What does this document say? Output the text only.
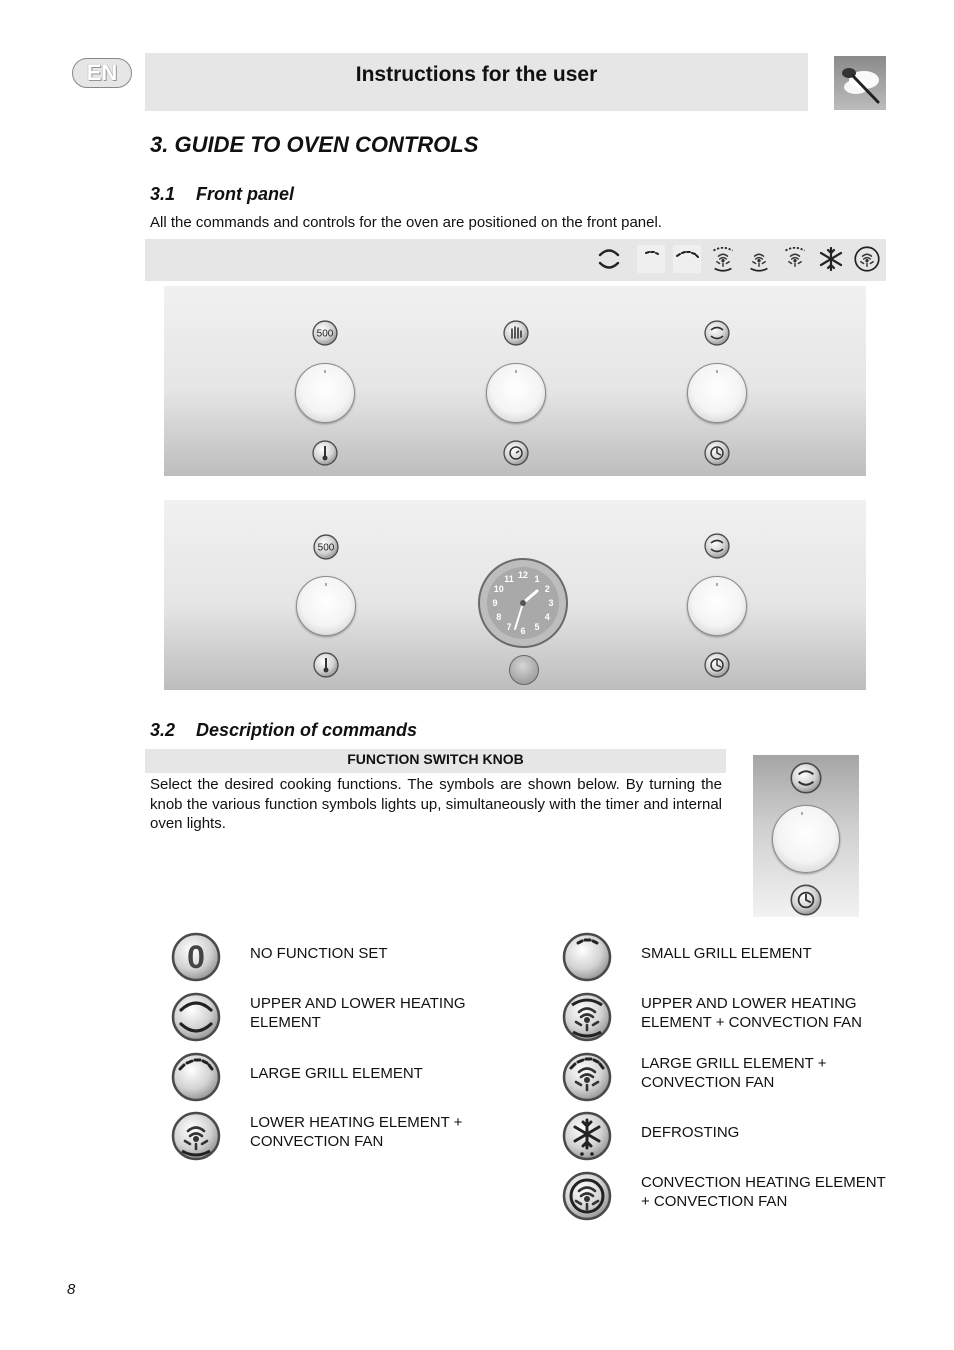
EN	Instructions for the user
3. GUIDE TO OVEN CONTROLS
3.1 Front panel
All the commands and controls for the oven are positioned on the front panel.
500
500
12 1
2
3
4
5
6
7
8
9
10
11
3.2 Description of commands
FUNCTION SWITCH KNOB
Select the desired cooking functions. The symbols are shown below. By turning the knob the various function symbols lights up, simultaneously with the timer and internal oven lights.
0	NO FUNCTION SET
UPPER AND LOWER HEATING ELEMENT
LARGE GRILL ELEMENT
LOWER HEATING ELEMENT + CONVECTION FAN
SMALL GRILL ELEMENT
UPPER AND LOWER HEATING ELEMENT + CONVECTION FAN
LARGE GRILL ELEMENT + CONVECTION FAN
DEFROSTING
CONVECTION HEATING ELEMENT + CONVECTION FAN
8
